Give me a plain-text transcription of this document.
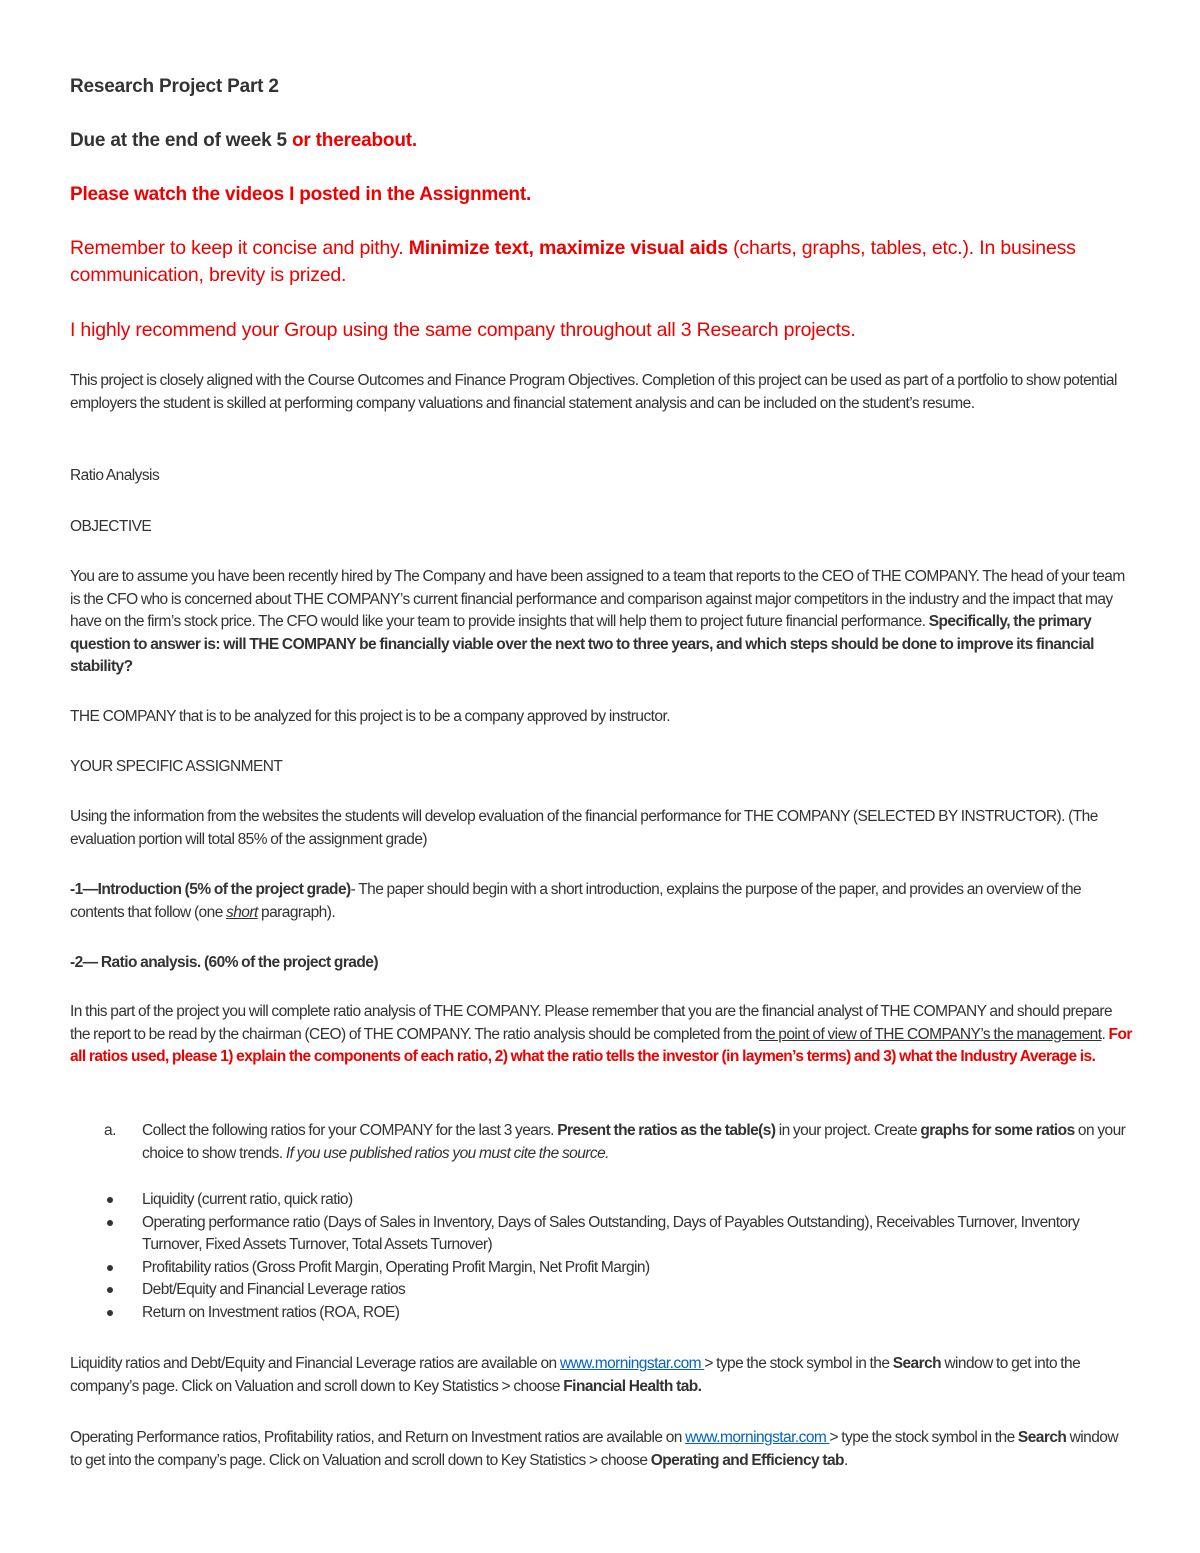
Research Project Part 2

Due at the end of week 5 or thereabout.

Please watch the videos I posted in the Assignment.

Remember to keep it concise and pithy. Minimize text, maximize visual aids (charts, graphs, tables, etc.). In business communication, brevity is prized.

I highly recommend your Group using the same company throughout all 3 Research projects.

This project is closely aligned with the Course Outcomes and Finance Program Objectives. Completion of this project can be used as part of a portfolio to show potential employers the student is skilled at performing company valuations and financial statement analysis and can be included on the student’s resume.

Ratio Analysis

OBJECTIVE

You are to assume you have been recently hired by The Company and have been assigned to a team that reports to the CEO of THE COMPANY. The head of your team is the CFO who is concerned about THE COMPANY’s current financial performance and comparison against major competitors in the industry and the impact that may have on the firm’s stock price. The CFO would like your team to provide insights that will help them to project future financial performance. Specifically, the primary question to answer is: will THE COMPANY be financially viable over the next two to three years, and which steps should be done to improve its financial stability?

THE COMPANY that is to be analyzed for this project is to be a company approved by instructor.

YOUR SPECIFIC ASSIGNMENT

Using the information from the websites the students will develop evaluation of the financial performance for THE COMPANY (SELECTED BY INSTRUCTOR). (The evaluation portion will total 85% of the assignment grade)

-1—Introduction (5% of the project grade)- The paper should begin with a short introduction, explains the purpose of the paper, and provides an overview of the contents that follow (one short paragraph).

-2— Ratio analysis. (60% of the project grade)

In this part of the project you will complete ratio analysis of THE COMPANY. Please remember that you are the financial analyst of THE COMPANY and should prepare the report to be read by the chairman (CEO) of THE COMPANY. The ratio analysis should be completed from the point of view of THE COMPANY’s the management. For all ratios used, please 1) explain the components of each ratio, 2) what the ratio tells the investor (in laymen’s terms) and 3) what the Industry Average is.

a. Collect the following ratios for your COMPANY for the last 3 years. Present the ratios as the table(s) in your project. Create graphs for some ratios on your choice to show trends. If you use published ratios you must cite the source.
Liquidity (current ratio, quick ratio)
Operating performance ratio (Days of Sales in Inventory, Days of Sales Outstanding, Days of Payables Outstanding), Receivables Turnover, Inventory Turnover, Fixed Assets Turnover, Total Assets Turnover)
Profitability ratios (Gross Profit Margin, Operating Profit Margin, Net Profit Margin)
Debt/Equity and Financial Leverage ratios
Return on Investment ratios (ROA, ROE)

Liquidity ratios and Debt/Equity and Financial Leverage ratios are available on www.morningstar.com > type the stock symbol in the Search window to get into the company’s page. Click on Valuation and scroll down to Key Statistics > choose Financial Health tab.

Operating Performance ratios, Profitability ratios, and Return on Investment ratios are available on www.morningstar.com > type the stock symbol in the Search window to get into the company’s page. Click on Valuation and scroll down to Key Statistics > choose Operating and Efficiency tab.
